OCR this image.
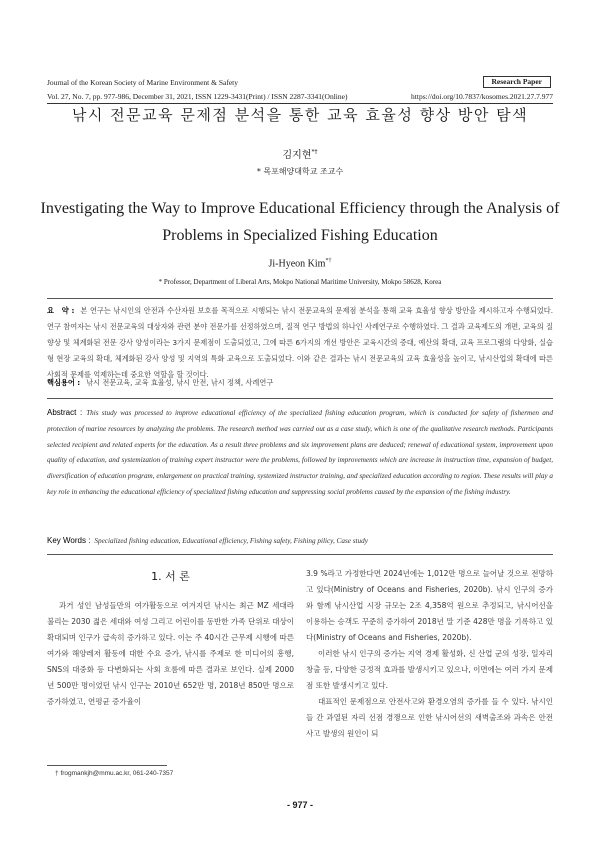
Journal of the Korean Society of Marine Environment & Safety	Research Paper
Vol. 27, No. 7, pp. 977-986, December 31, 2021, ISSN 1229-3431(Print) / ISSN 2287-3341(Online)	https://doi.org/10.7837/kosomes.2021.27.7.977
낚시 전문교육 문제점 분석을 통한 교육 효율성 향상 방안 탐색
김지현*†
* 목포해양대학교 조교수
Investigating the Way to Improve Educational Efficiency through the Analysis of Problems in Specialized Fishing Education
Ji-Hyeon Kim*†
* Professor, Department of Liberal Arts, Mokpo National Maritime University, Mokpo 58628, Korea
요　약 : 본 연구는 낚시인의 안전과 수산자원 보호를 목적으로 시행되는 낚시 전문교육의 문제점 분석을 통해 교육 효율성 향상 방안을 제시하고자 수행되었다. 연구 참여자는 낚시 전문교육의 대상자와 관련 분야 전문가를 선정하였으며, 질적 연구 방법의 하나인 사례연구로 수행하였다. 그 결과 교육제도의 개편, 교육의 질 향상 및 체계화된 전문 강사 양성이라는 3가지 문제점이 도출되었고, 그에 따른 6가지의 개선 방안은 교육시간의 증대, 예산의 확대, 교육 프로그램의 다양화, 실습형 현장 교육의 확대, 체계화된 강사 양성 및 지역의 특화 교육으로 도출되었다. 이와 같은 결과는 낚시 전문교육의 교육 효율성을 높이고, 낚시산업의 확대에 따른 사회적 문제를 억제하는데 중요한 역할을 할 것이다.
핵심용어 : 낚시 전문교육, 교육 효율성, 낚시 안전, 낚시 정책, 사례연구
Abstract : This study was processed to improve educational efficiency of the specialized fishing education program, which is conducted for safety of fishermen and protection of marine resources by analyzing the problems. The research method was carried out as a case study, which is one of the qualitative research methods. Participants selected recipient and related experts for the education. As a result three problems and six improvement plans are deduced; renewal of educational system, improvement upon quality of education, and systemization of training expert instructor were the problems, followed by improvements which are increase in instruction time, expansion of budget, diversification of education program, enlargement on practical training, systemized instructor training, and specialized education according to region. These results will play a key role in enhancing the educational efficiency of specialized fishing education and suppressing social problems caused by the expansion of the fishing industry.
Key Words : Specialized fishing education, Educational efficiency, Fishing safety, Fishing pilicy, Case study
1. 서 론

과거 성인 남성들만의 여가활동으로 여겨지던 낚시는 최근 MZ 세대라 불리는 2030 젊은 세대와 여성 그리고 어린이를 동반한 가족 단위로 대상이 확대되며 인구가 급속히 증가하고 있다. 이는 주 40시간 근무제 시행에 따른 여가와 해양레저 활동에 대한 수요 증가, 낚시를 주제로 한 미디어의 흥행, SNS의 대중화 등 다변화되는 사회 흐름에 따른 결과로 보인다. 실제 2000년 500만 명이었던 낚시 인구는 2010년 652만 명, 2018년 850만 명으로 증가하였고, 연평균 증가율이

3.9 %라고 가정한다면 2024년에는 1,012만 명으로 늘어날 것으로 전망하고 있다(Ministry of Oceans and Fisheries, 2020b). 낚시 인구의 증가와 함께 낚시산업 시장 규모는 2조 4,358억 원으로 추정되고, 낚시어선을 이용하는 승객도 꾸준히 증가하여 2018년 말 기준 428만 명을 기록하고 있다(Ministry of Oceans and Fisheries, 2020b).

이러한 낚시 인구의 증가는 지역 경제 활성화, 신 산업 군의 성장, 일자리 창출 등, 다양한 긍정적 효과를 발생시키고 있으나, 이면에는 여러 가지 문제점 또한 발생시키고 있다.

대표적인 문제점으로 안전사고와 환경오염의 증가를 들 수 있다. 낚시인들 간 과열된 자리 선점 경쟁으로 인한 낚시어선의 새벽출조와 과속은 안전사고 발생의 원인이 되

† frogmankjh@mmu.ac.kr, 061-240-7357
- 977 -
